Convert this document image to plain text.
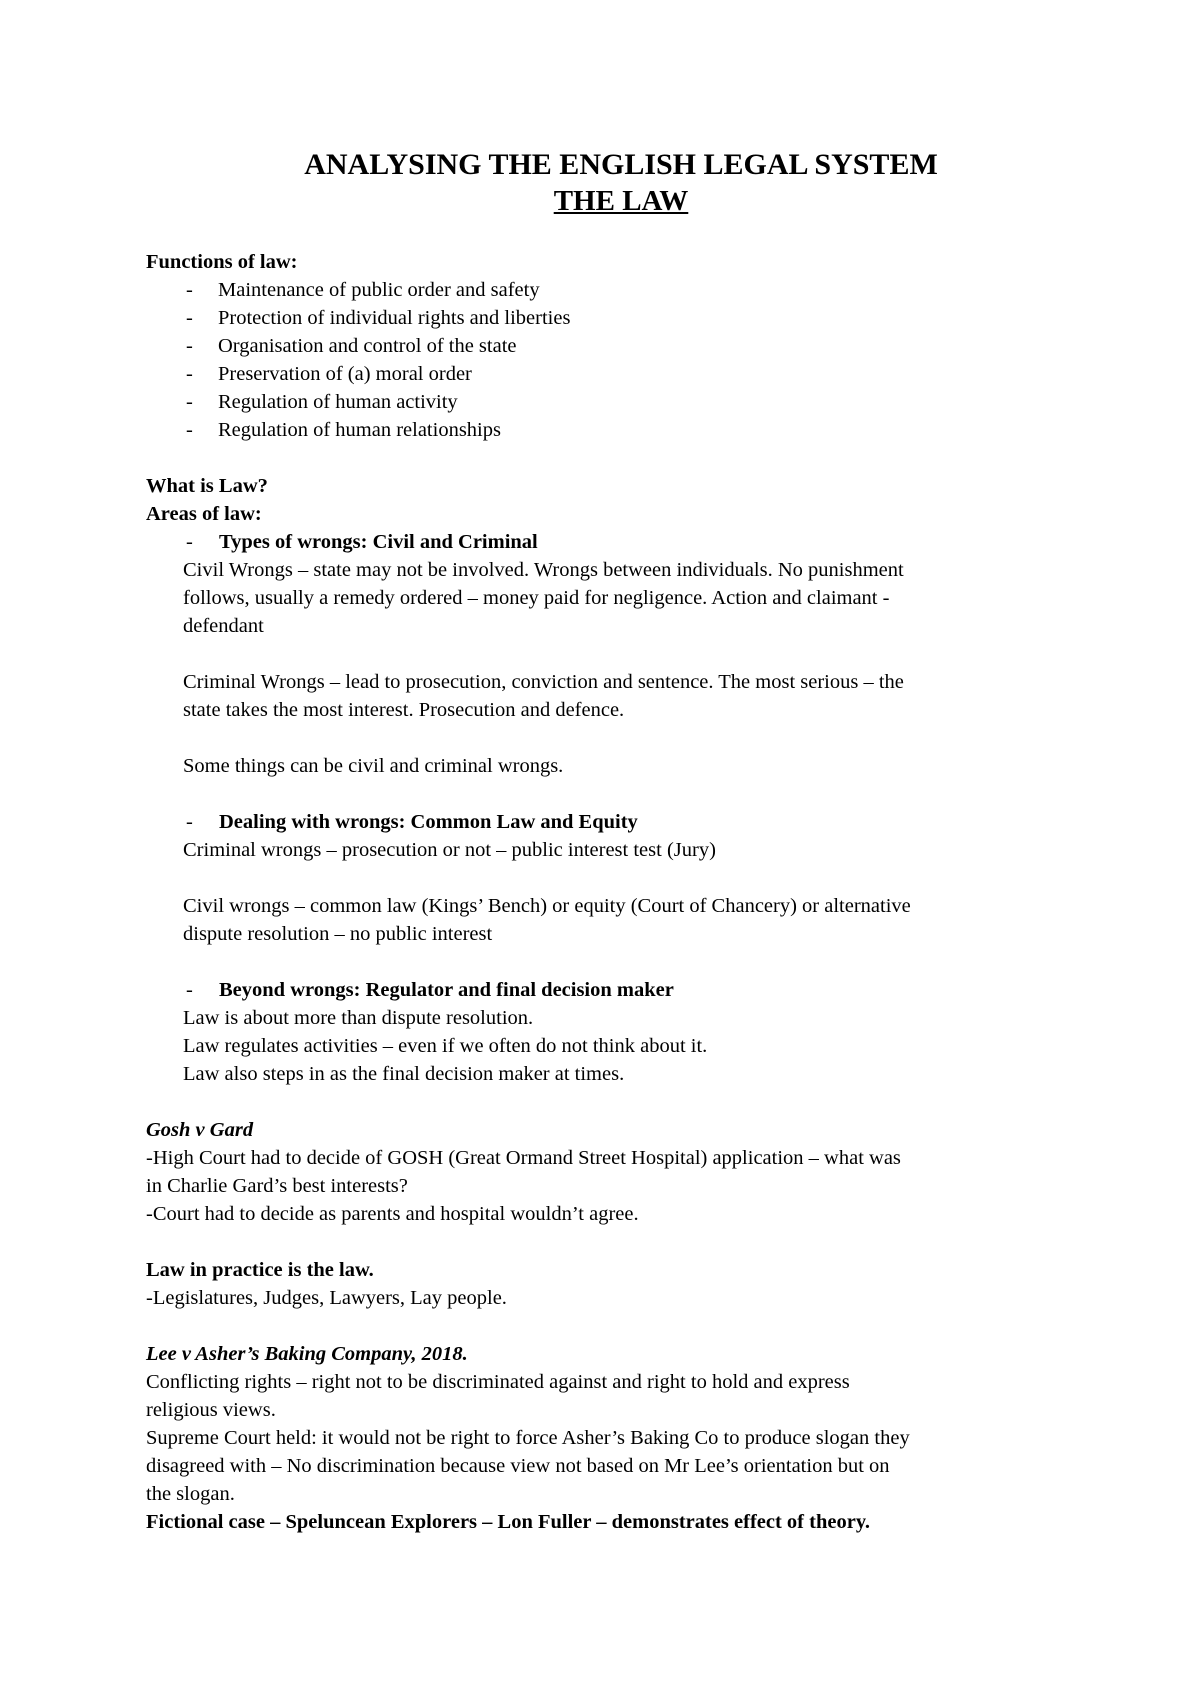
ANALYSING THE ENGLISH LEGAL SYSTEM
THE LAW

Functions of law:

- Maintenance of public order and safety
- Protection of individual rights and liberties
- Organisation and control of the state
- Preservation of (a) moral order
- Regulation of human activity
- Regulation of human relationships

What is Law?

Areas of law:

- Types of wrongs: Civil and Criminal

Civil Wrongs – state may not be involved. Wrongs between individuals. No punishment

follows, usually a remedy ordered – money paid for negligence. Action and claimant -

defendant

Criminal Wrongs – lead to prosecution, conviction and sentence. The most serious – the

state takes the most interest. Prosecution and defence.

Some things can be civil and criminal wrongs.

- Dealing with wrongs: Common Law and Equity

Criminal wrongs – prosecution or not – public interest test (Jury)

Civil wrongs – common law (Kings’ Bench) or equity (Court of Chancery) or alternative

dispute resolution – no public interest

- Beyond wrongs: Regulator and final decision maker

Law is about more than dispute resolution.

Law regulates activities – even if we often do not think about it.

Law also steps in as the final decision maker at times.

Gosh v Gard

-High Court had to decide of GOSH (Great Ormand Street Hospital) application – what was

in Charlie Gard’s best interests?

-Court had to decide as parents and hospital wouldn’t agree.

Law in practice is the law.

-Legislatures, Judges, Lawyers, Lay people.

Lee v Asher’s Baking Company, 2018.

Conflicting rights – right not to be discriminated against and right to hold and express

religious views.

Supreme Court held: it would not be right to force Asher’s Baking Co to produce slogan they

disagreed with – No discrimination because view not based on Mr Lee’s orientation but on

the slogan.

Fictional case – Speluncean Explorers – Lon Fuller – demonstrates effect of theory.
